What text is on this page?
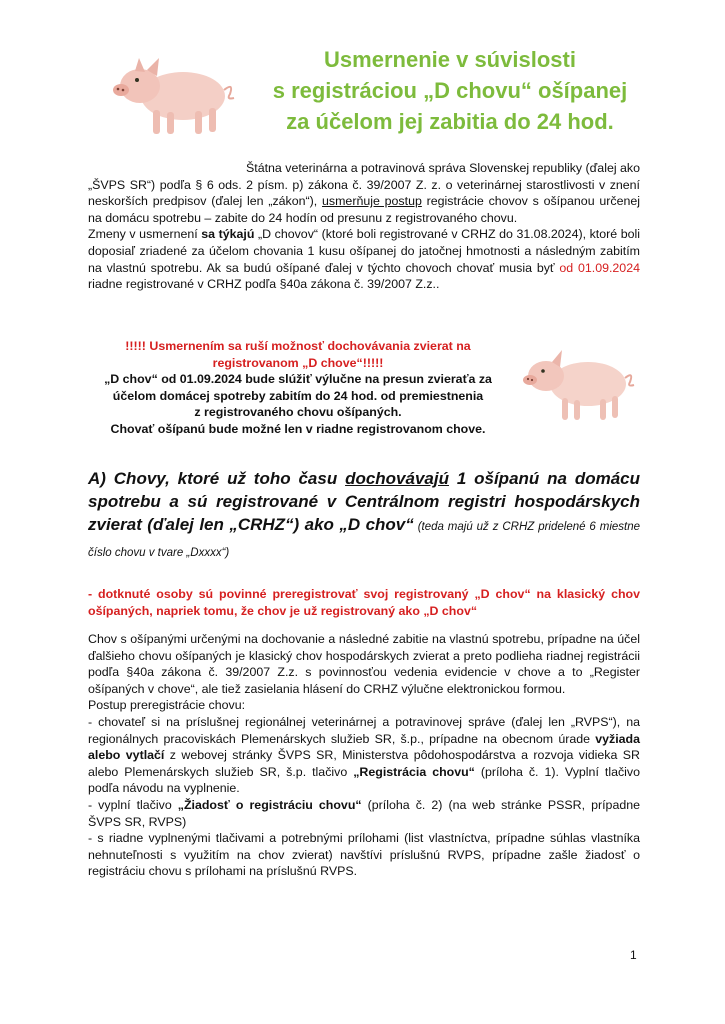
Usmernenie v súvislosti
s registráciou „D chovu“ ošípanej
za účelom jej zabitia do 24 hod.
Štátna veterinárna a potravinová správa Slovenskej republiky (ďalej ako „ŠVPS SR“) podľa § 6 ods. 2 písm. p) zákona č. 39/2007 Z. z. o veterinárnej starostlivosti v znení neskorších predpisov (ďalej len „zákon“), usmerňuje postup registrácie chovov s ošípanou určenej na domácu spotrebu – zabite do 24 hodín od presunu z registrovaného chovu.
Zmeny v usmernení sa týkajú „D chovov“ (ktoré boli registrované v CRHZ do 31.08.2024), ktoré boli doposiaľ zriadené za účelom chovania 1 kusu ošípanej do jatočnej hmotnosti a následným zabitím na vlastnú spotrebu. Ak sa budú ošípané ďalej v týchto chovoch chovať musia byť od 01.09.2024 riadne registrované v CRHZ podľa §40a zákona č. 39/2007 Z.z..
!!!!! Usmernením sa ruší možnosť dochovávania zvierat na
registrovanom „D chove“!!!!!
„D chov“ od 01.09.2024 bude slúžiť výlučne na presun zvieraťa za
účelom domácej spotreby zabitím do 24 hod. od premiestnenia
z registrovaného chovu ošípaných.
Chovať ošípanú bude možné len v riadne registrovanom chove.
A) Chovy, ktoré už toho času dochovávajú 1 ošípanú na domácu spotrebu a sú registrované v Centrálnom registri hospodárskych zvierat (ďalej len „CRHZ“) ako „D chov“ (teda majú už z CRHZ pridelené 6 miestne číslo chovu v tvare „Dxxxx“)
- dotknuté osoby sú povinné preregistrovať svoj registrovaný „D chov“ na klasický chov ošípaných, napriek tomu, že chov je už registrovaný ako „D chov“
Chov s ošípanými určenými na dochovanie a následné zabitie na vlastnú spotrebu, prípadne na účel ďalšieho chovu ošípaných je klasický chov hospodárskych zvierat a preto podlieha riadnej registrácii podľa §40a zákona č. 39/2007 Z.z. s povinnosťou vedenia evidencie v chove a to „Register ošípaných v chove“, ale tiež zasielania hlásení do CRHZ výlučne elektronickou formou.
Postup preregistrácie chovu:
- chovateľ si na príslušnej regionálnej veterinárnej a potravinovej správe (ďalej len „RVPS“), na regionálnych pracoviskách Plemenárskych služieb SR, š.p., prípadne na obecnom úrade vyžiada alebo vytlačí z webovej stránky ŠVPS SR, Ministerstva pôdohospodárstva a rozvoja vidieka SR alebo Plemenárskych služieb SR, š.p. tlačivo „Registrácia chovu“ (príloha č. 1). Vyplní tlačivo podľa návodu na vyplnenie.
- vyplní tlačivo „Žiadosť o registráciu chovu“ (príloha č. 2) (na web stránke PSSR, prípadne ŠVPS SR, RVPS)
- s riadne vyplnenými tlačivami a potrebnými prílohami (list vlastníctva, prípadne súhlas vlastníka nehnuteľnosti s využitím na chov zvierat) navštívi príslušnú RVPS, prípadne zašle žiadosť o registráciu chovu s prílohami na príslušnú RVPS.
1
